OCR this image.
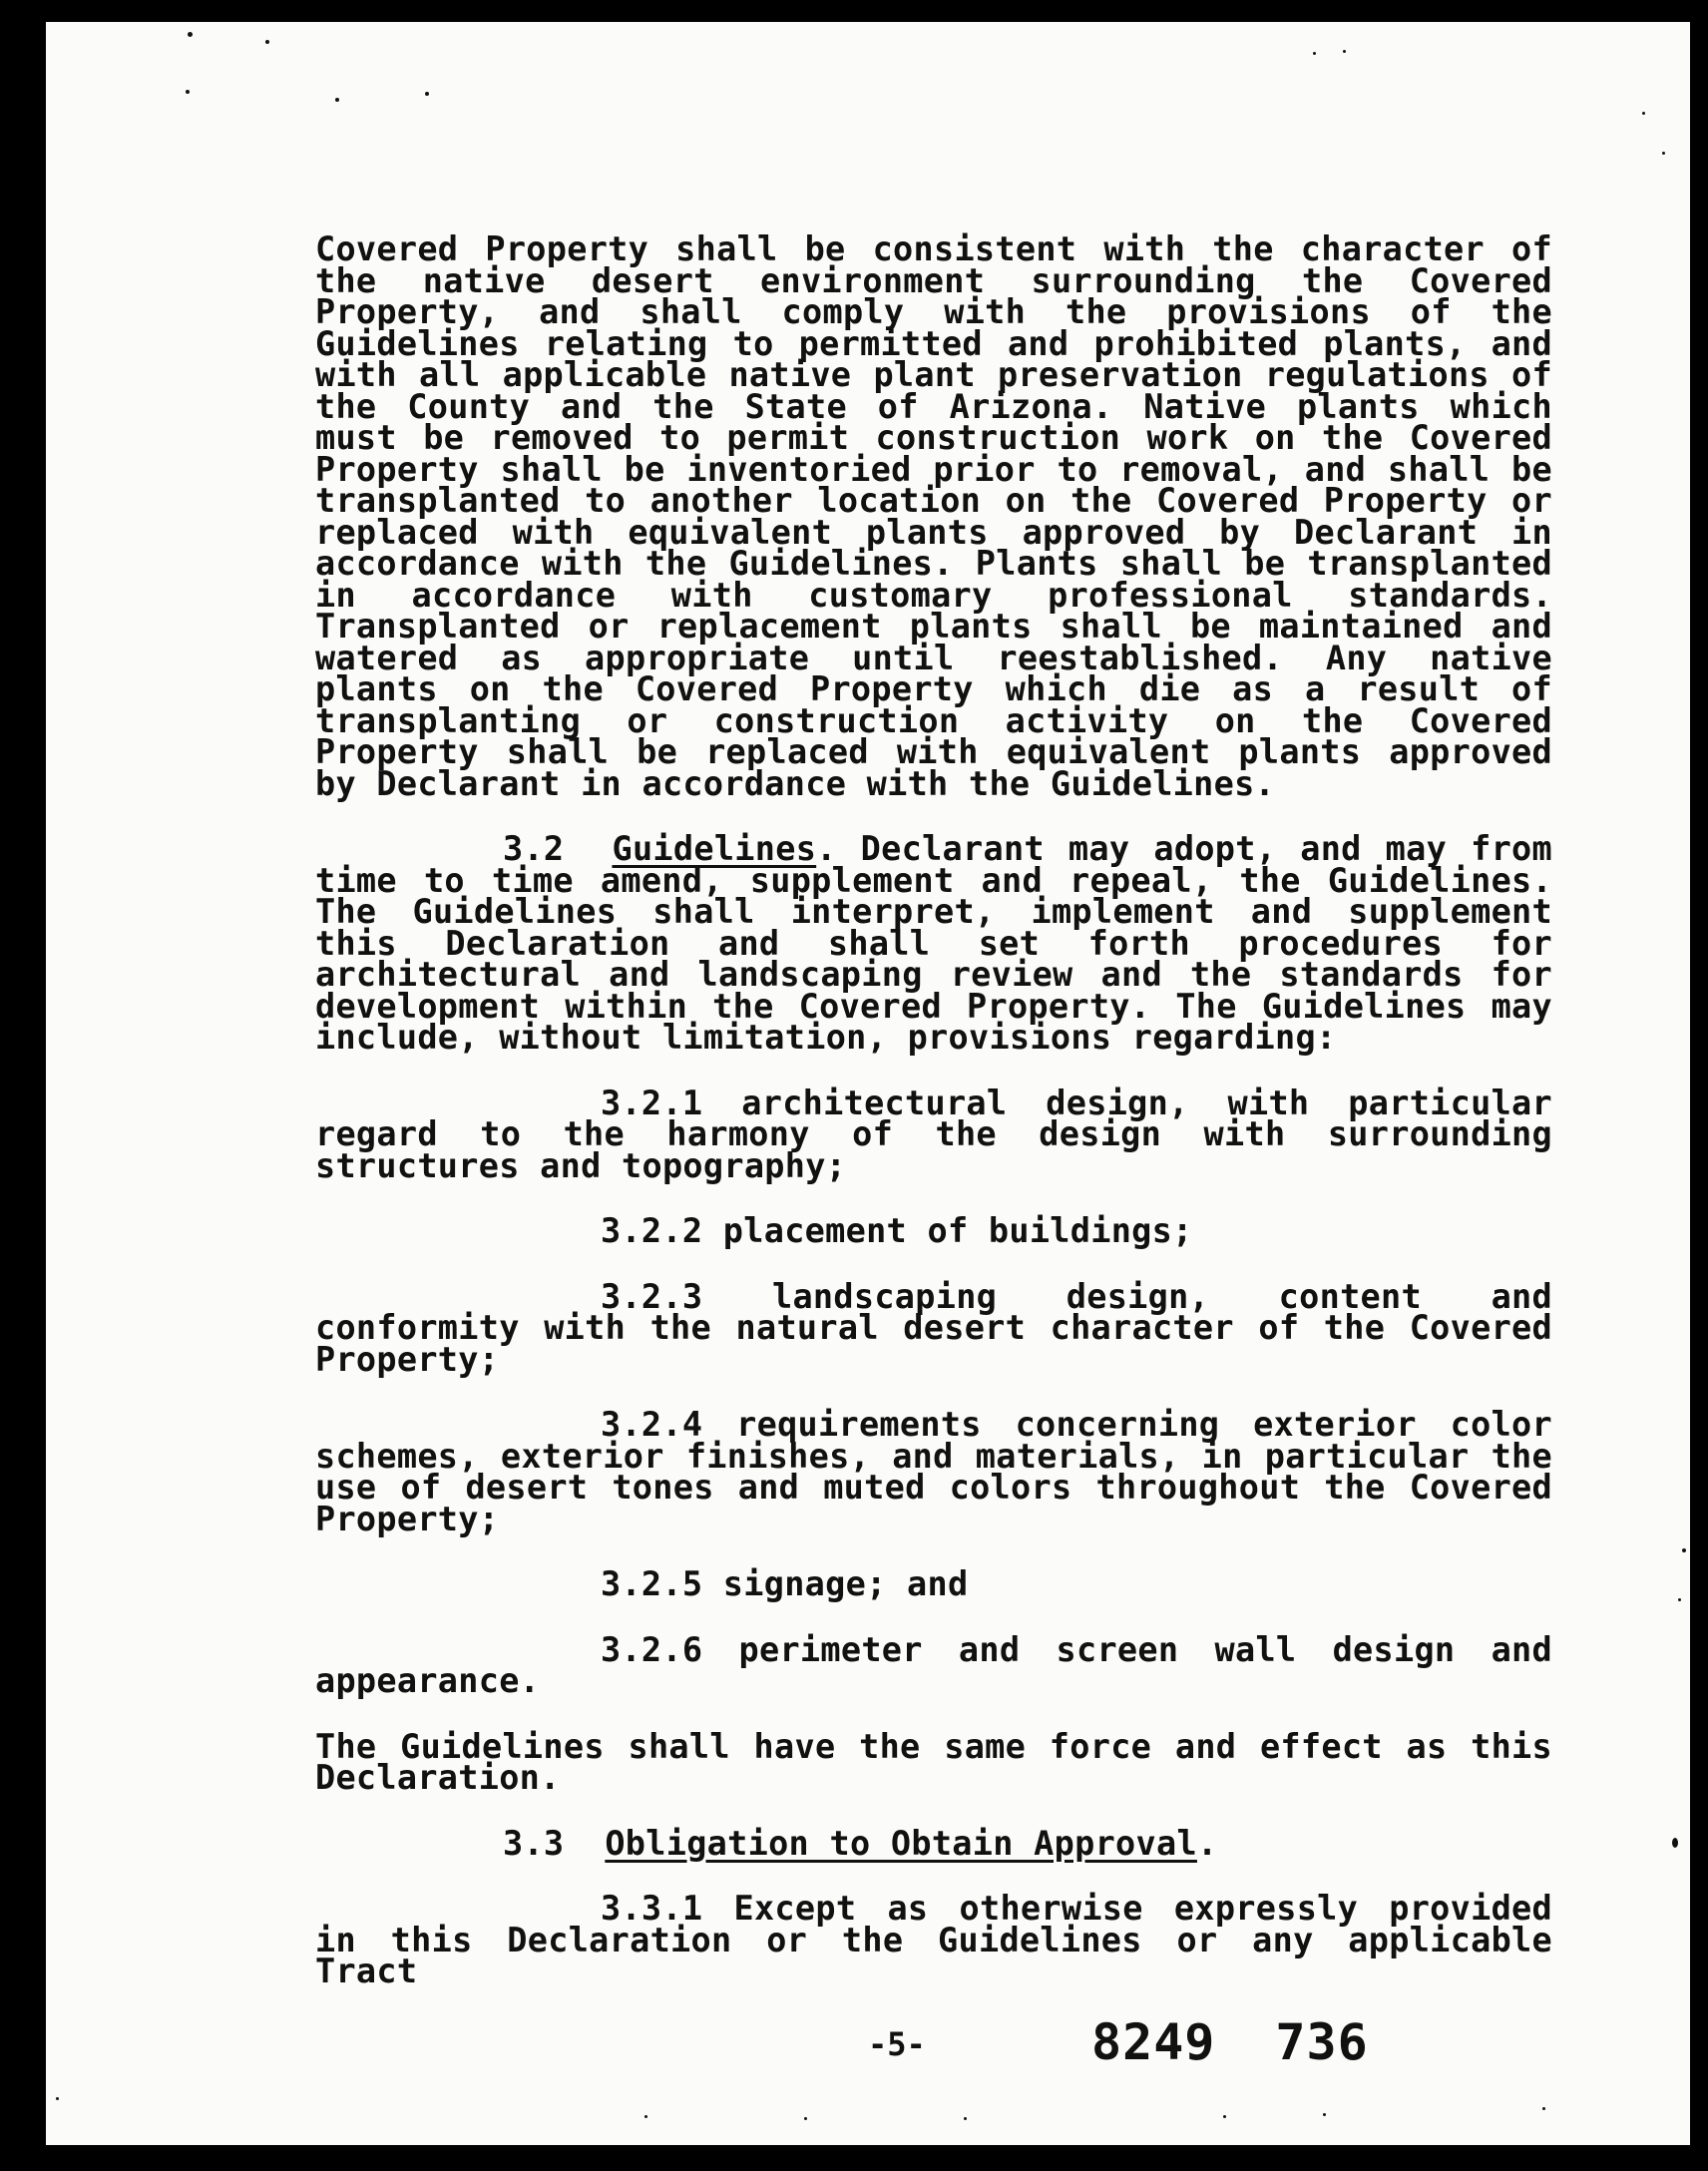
Covered Property shall be consistent with the character of the native desert environment surrounding the Covered Property, and shall comply with the provisions of the Guidelines relating to permitted and prohibited plants, and with all applicable native plant preservation regulations of the County and the State of Arizona. Native plants which must be removed to permit construction work on the Covered Property shall be inventoried prior to removal, and shall be transplanted to another location on the Covered Property or replaced with equivalent plants approved by Declarant in accordance with the Guidelines. Plants shall be transplanted in accordance with customary professional standards. Transplanted or replacement plants shall be maintained and watered as appropriate until reestablished. Any native plants on the Covered Property which die as a result of transplanting or construction activity on the Covered Property shall be replaced with equivalent plants approved by Declarant in accordance with the Guidelines.

3.2 Guidelines. Declarant may adopt, and may from time to time amend, supplement and repeal, the Guidelines. The Guidelines shall interpret, implement and supplement this Declaration and shall set forth procedures for architectural and landscaping review and the standards for development within the Covered Property. The Guidelines may include, without limitation, provisions regarding:

3.2.1 architectural design, with particular regard to the harmony of the design with surrounding structures and topography;

3.2.2 placement of buildings;

3.2.3 landscaping design, content and conformity with the natural desert character of the Covered Property;

3.2.4 requirements concerning exterior color schemes, exterior finishes, and materials, in particular the use of desert tones and muted colors throughout the Covered Property;

3.2.5 signage; and

3.2.6 perimeter and screen wall design and appearance.

The Guidelines shall have the same force and effect as this Declaration.

3.3 Obligation to Obtain Approval.

3.3.1 Except as otherwise expressly provided in this Declaration or the Guidelines or any applicable Tract

-5-	8249 736
